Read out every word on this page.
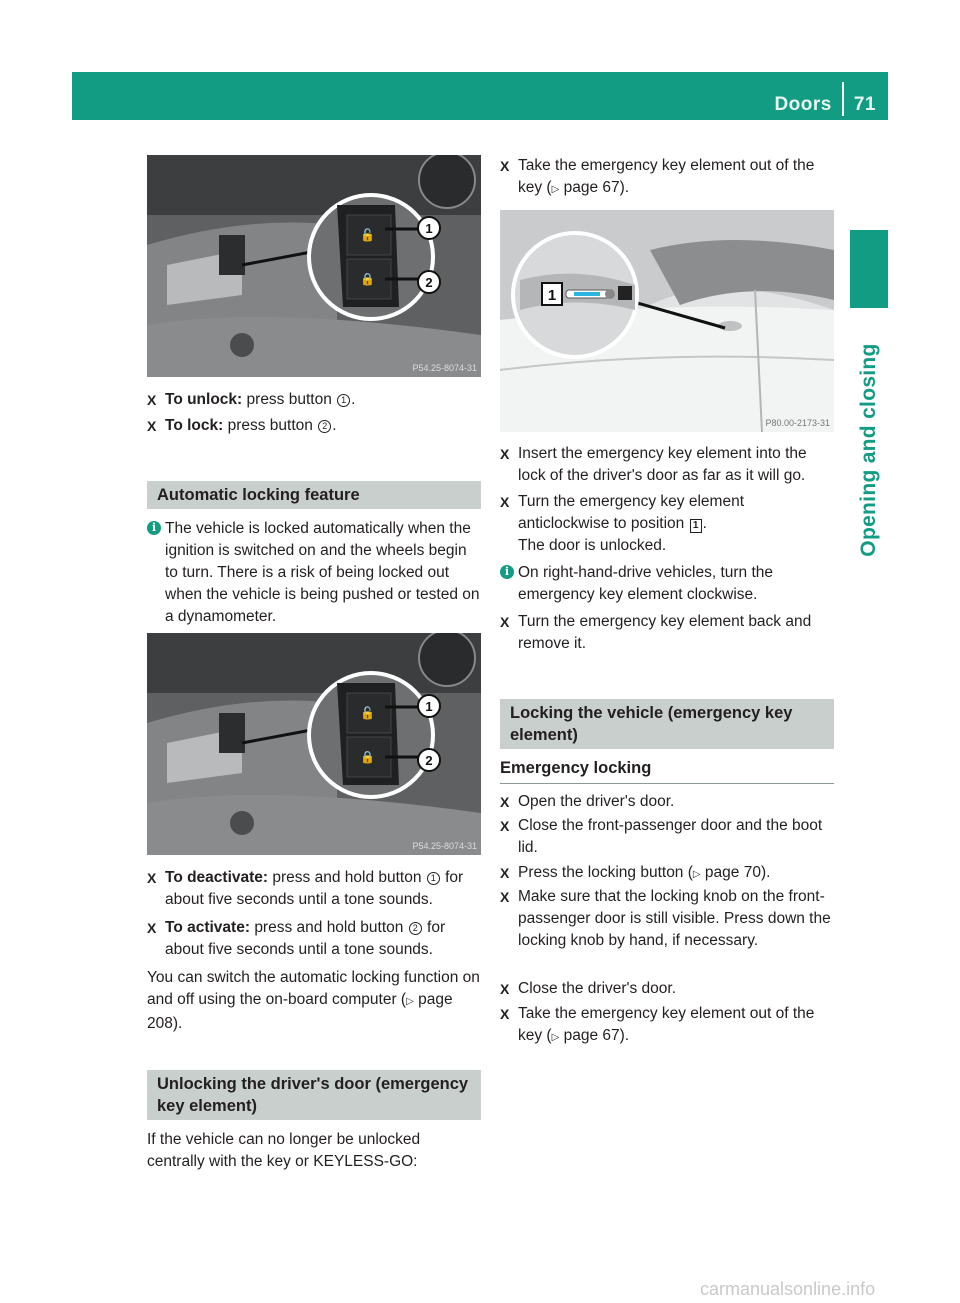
Doors	71
Opening and closing
🔓
🔒
1
2
P54.25-8074-31
X To unlock: press button 1 .
X To lock: press button 2 .
Automatic locking feature
i The vehicle is locked automatically when the ignition is switched on and the wheels begin to turn. There is a risk of being locked out when the vehicle is being pushed or tested on a dynamometer.
🔓
🔒
1
2
P54.25-8074-31
X To deactivate: press and hold button 1 for about five seconds until a tone sounds.
X To activate: press and hold button 2 for about five seconds until a tone sounds.
You can switch the automatic locking function on and off using the on-board computer (▷ page 208).
Unlocking the driver's door (emergency key element)
If the vehicle can no longer be unlocked centrally with the key or KEYLESS-GO:
X Take the emergency key element out of the key (▷ page 67).
1
P80.00-2173-31
X Insert the emergency key element into the lock of the driver's door as far as it will go.
X Turn the emergency key element anticlockwise to position 1 .
The door is unlocked.
i On right-hand-drive vehicles, turn the emergency key element clockwise.
X Turn the emergency key element back and remove it.
Locking the vehicle (emergency key element)
Emergency locking
X Open the driver's door.
X Close the front-passenger door and the boot lid.
X Press the locking button (▷ page 70).
X Make sure that the locking knob on the front-passenger door is still visible. Press down the locking knob by hand, if necessary.
X Close the driver's door.
X Take the emergency key element out of the key (▷ page 67).
carmanualsonline.info
